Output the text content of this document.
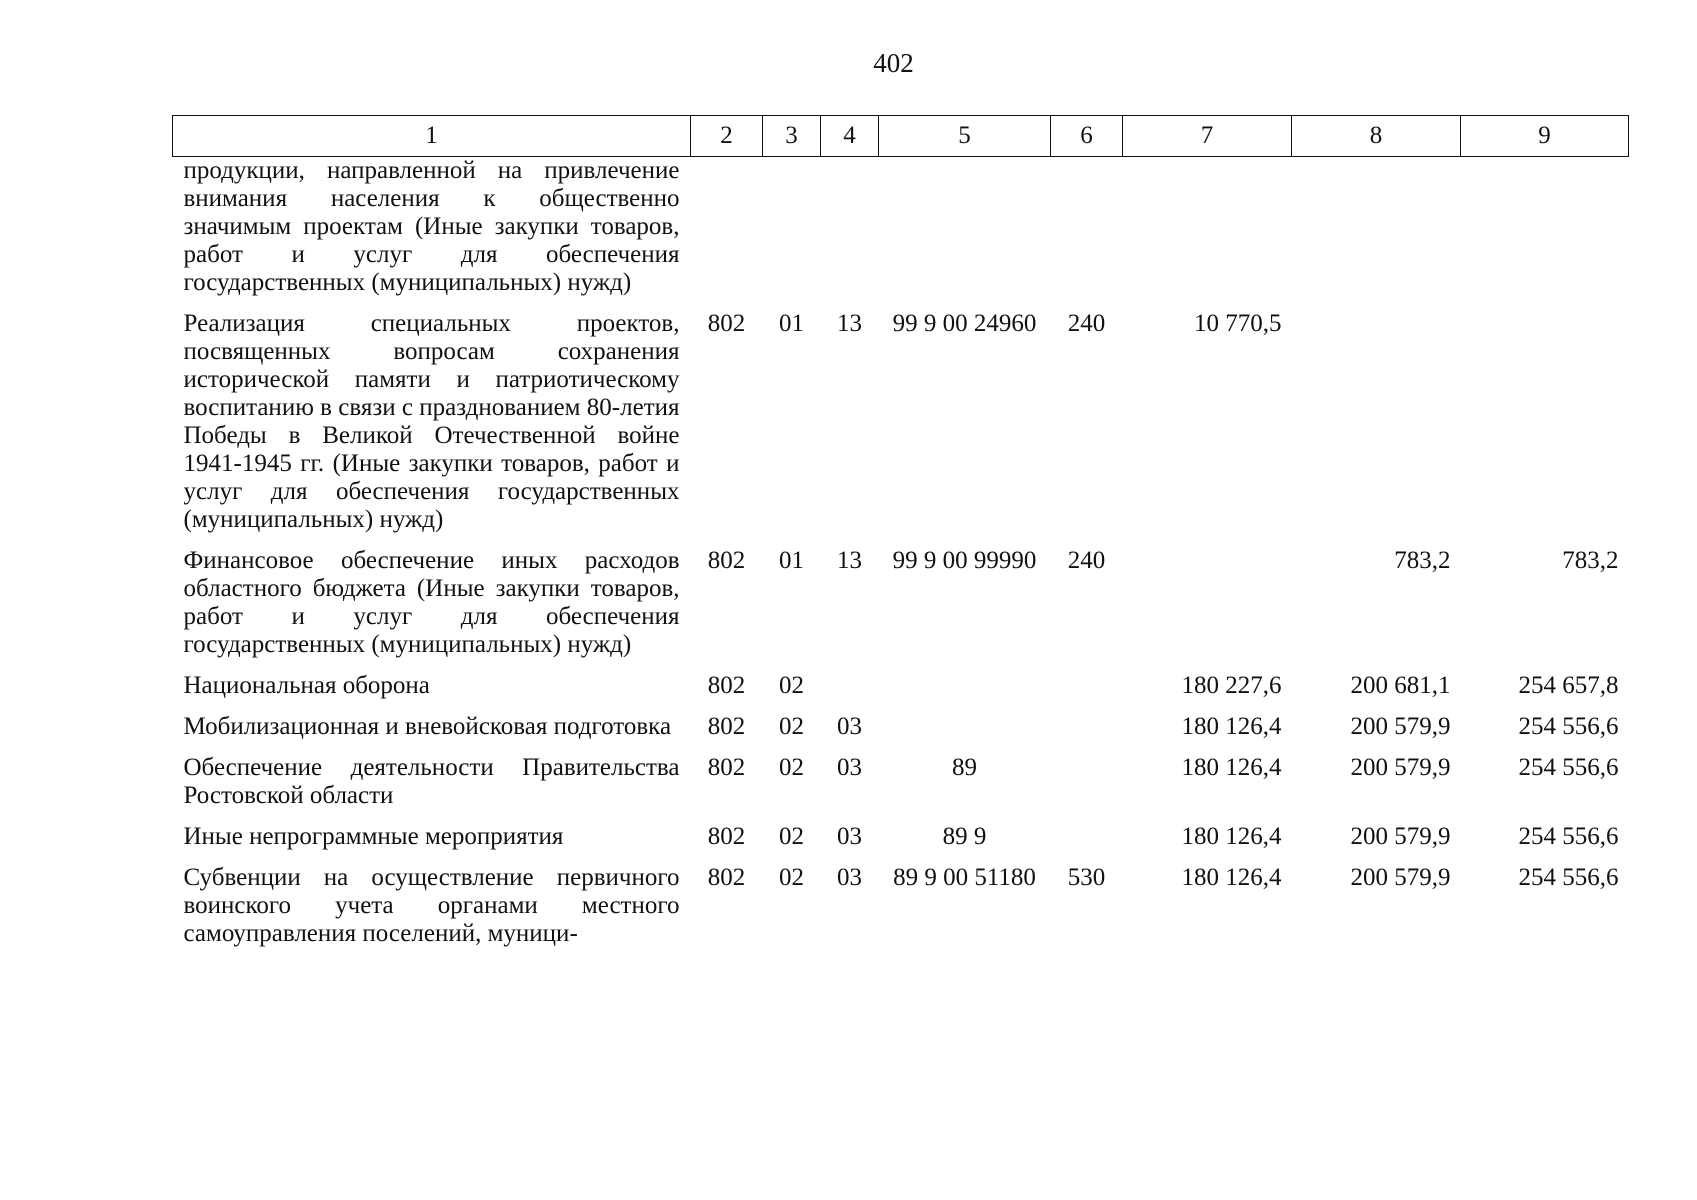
402
1	2	3	4	5	6	7	8	9
продукции, направленной на привлечение внимания населения к общественно значимым проектам (Иные закупки товаров, работ и услуг для обеспечения государственных (муниципальных) нужд)								
Реализация специальных проектов, посвященных вопросам сохранения исторической памяти и патриотическому воспитанию в связи с празднованием 80-летия Победы в Великой Отечественной войне 1941-1945 гг. (Иные закупки товаров, работ и услуг для обеспечения государственных (муниципальных) нужд)	802	01	13	99 9 00 24960	240	10 770,5		
Финансовое обеспечение иных расходов областного бюджета (Иные закупки товаров, работ и услуг для обеспечения государственных (муниципальных) нужд)	802	01	13	99 9 00 99990	240		783,2	783,2
Национальная оборона	802	02				180 227,6	200 681,1	254 657,8
Мобилизационная и вневойсковая подготовка	802	02	03			180 126,4	200 579,9	254 556,6
Обеспечение деятельности Правительства Ростовской области	802	02	03	89		180 126,4	200 579,9	254 556,6
Иные непрограммные мероприятия	802	02	03	89 9		180 126,4	200 579,9	254 556,6
Субвенции на осуществление первичного воинского учета органами местного самоуправления поселений, муници-	802	02	03	89 9 00 51180	530	180 126,4	200 579,9	254 556,6
